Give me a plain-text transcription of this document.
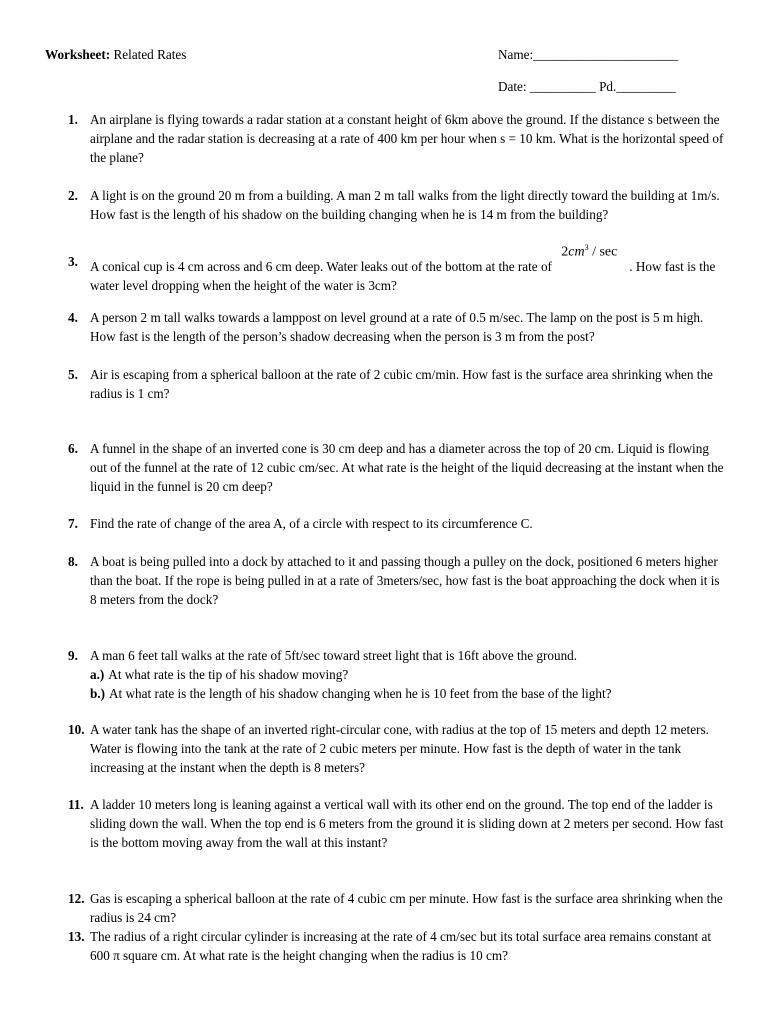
Worksheet: Related Rates	Name:______________________
Date: __________ Pd._________
1. An airplane is flying towards a radar station at a constant height of 6km above the ground. If the distance s between the airplane and the radar station is decreasing at a rate of 400 km per hour when s = 10 km. What is the horizontal speed of the plane?
2. A light is on the ground 20 m from a building. A man 2 m tall walks from the light directly toward the building at 1m/s. How fast is the length of his shadow on the building changing when he is 14 m from the building?
3. A conical cup is 4 cm across and 6 cm deep. Water leaks out of the bottom at the rate of
$2cm^3$ / sec
. How fast is the water level dropping when the height of the water is 3cm?
4. A person 2 m tall walks towards a lamppost on level ground at a rate of 0.5 m/sec. The lamp on the post is 5 m high. How fast is the length of the person’s shadow decreasing when the person is 3 m from the post?
5. Air is escaping from a spherical balloon at the rate of 2 cubic cm/min. How fast is the surface area shrinking when the radius is 1 cm?
6. A funnel in the shape of an inverted cone is 30 cm deep and has a diameter across the top of 20 cm. Liquid is flowing out of the funnel at the rate of 12 cubic cm/sec. At what rate is the height of the liquid decreasing at the instant when the liquid in the funnel is 20 cm deep?
7. Find the rate of change of the area A, of a circle with respect to its circumference C.
8. A boat is being pulled into a dock by attached to it and passing though a pulley on the dock, positioned 6 meters higher than the boat. If the rope is being pulled in at a rate of 3meters/sec, how fast is the boat approaching the dock when it is 8 meters from the dock?
9. A man 6 feet tall walks at the rate of 5ft/sec toward street light that is 16ft above the ground.
a.) At what rate is the tip of his shadow moving?
b.) At what rate is the length of his shadow changing when he is 10 feet from the base of the light?
10. A water tank has the shape of an inverted right-circular cone, with radius at the top of 15 meters and depth 12 meters. Water is flowing into the tank at the rate of 2 cubic meters per minute. How fast is the depth of water in the tank increasing at the instant when the depth is 8 meters?
11. A ladder 10 meters long is leaning against a vertical wall with its other end on the ground. The top end of the ladder is sliding down the wall. When the top end is 6 meters from the ground it is sliding down at 2 meters per second. How fast is the bottom moving away from the wall at this instant?
12. Gas is escaping a spherical balloon at the rate of 4 cubic cm per minute. How fast is the surface area shrinking when the radius is 24 cm?
13. The radius of a right circular cylinder is increasing at the rate of 4 cm/sec but its total surface area remains constant at 600 π square cm. At what rate is the height changing when the radius is 10 cm?
